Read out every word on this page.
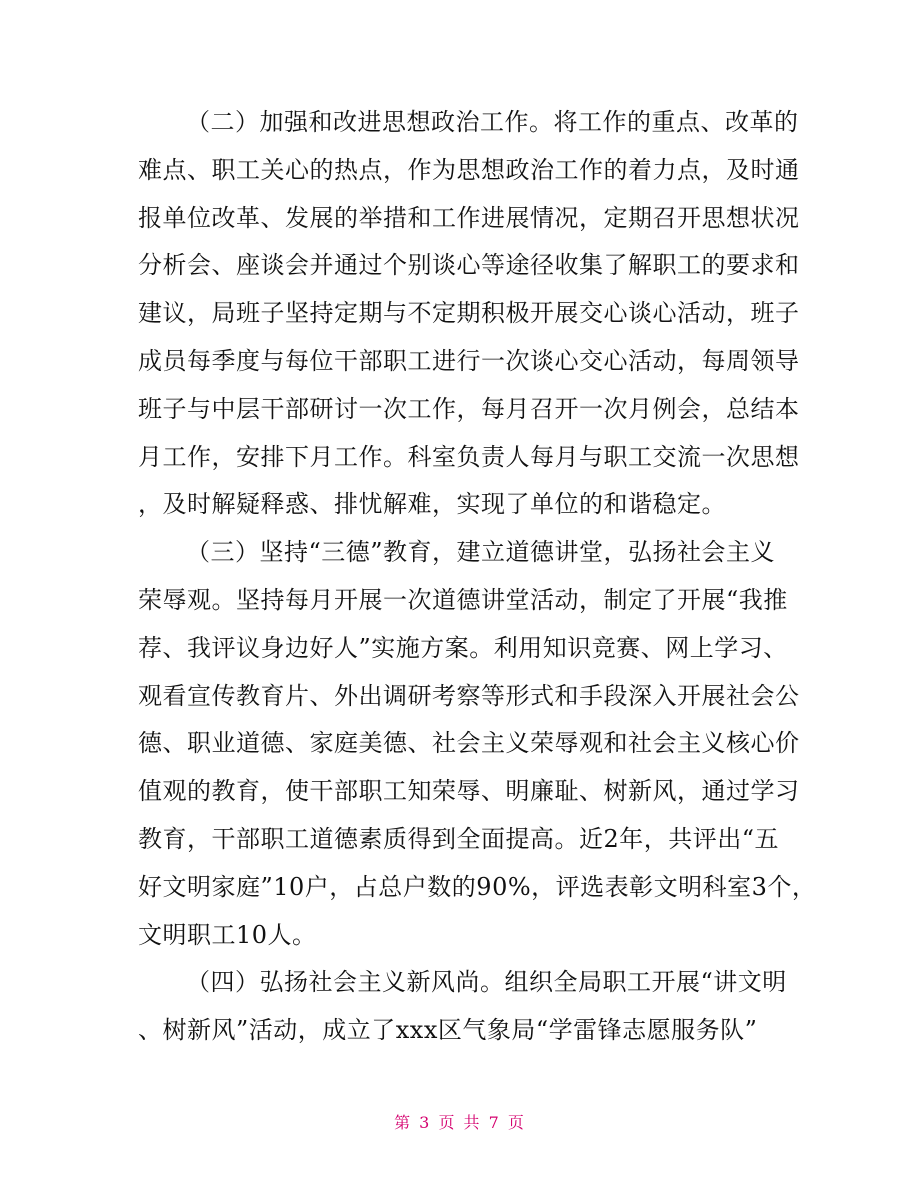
（二）加强和改进思想政治工作。将工作的重点、改革的
难点、职工关心的热点，作为思想政治工作的着力点，及时通
报单位改革、发展的举措和工作进展情况，定期召开思想状况
分析会、座谈会并通过个别谈心等途径收集了解职工的要求和
建议，局班子坚持定期与不定期积极开展交心谈心活动，班子
成员每季度与每位干部职工进行一次谈心交心活动，每周领导
班子与中层干部研讨一次工作，每月召开一次月例会，总结本
月工作，安排下月工作。科室负责人每月与职工交流一次思想
，及时解疑释惑、排忧解难，实现了单位的和谐稳定。
（三）坚持“三德”教育，建立道德讲堂，弘扬社会主义
荣辱观。坚持每月开展一次道德讲堂活动，制定了开展“我推
荐、我评议身边好人”实施方案。利用知识竞赛、网上学习、
观看宣传教育片、外出调研考察等形式和手段深入开展社会公
德、职业道德、家庭美德、社会主义荣辱观和社会主义核心价
值观的教育，使干部职工知荣辱、明廉耻、树新风，通过学习
教育，干部职工道德素质得到全面提高。近2年，共评出“五
好文明家庭”10户，占总户数的90%，评选表彰文明科室3个，
文明职工10人。
（四）弘扬社会主义新风尚。组织全局职工开展“讲文明
、树新风”活动，成立了xxx区气象局“学雷锋志愿服务队”
第 3 页 共 7 页
